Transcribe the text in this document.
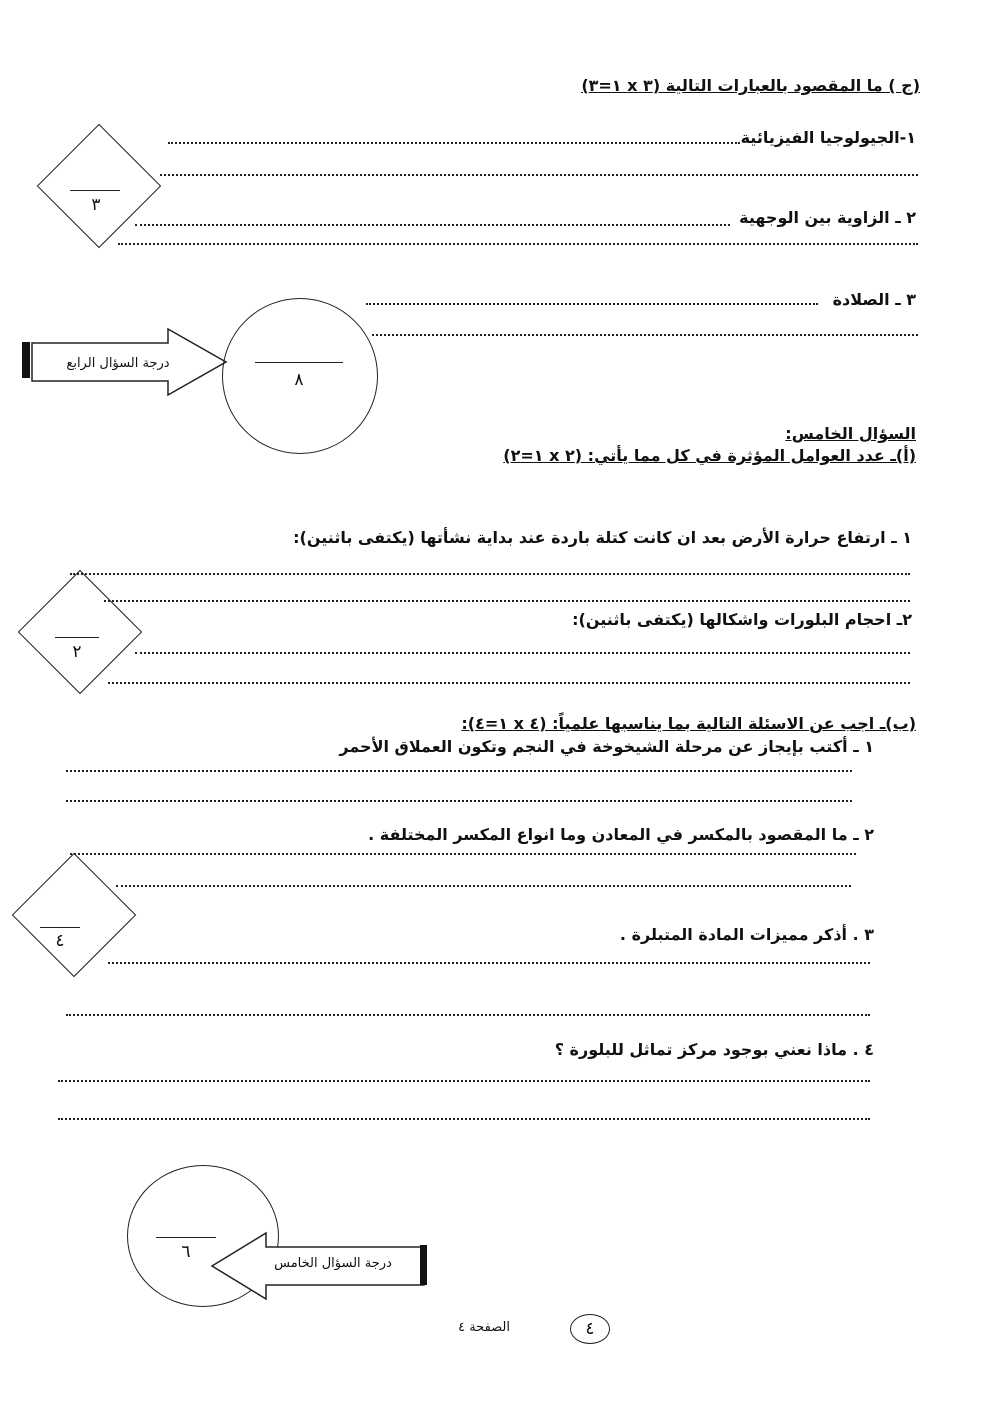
(ج ) ما المقصود بالعبارات التالية (٣ x ١=٣)
١-الجيولوجيا الفيزيائية
٢ ـ الزاوية بين الوجهية
٣
٣ ـ الصلادة
درجة السؤال الرابع
٨
السؤال الخامس:
(أ)ـ عدد العوامل المؤثرة في كل مما يأتي: (٢ x ١=٢)
١ ـ ارتفاع حرارة الأرض بعد ان كانت كتلة باردة عند بداية نشأتها (يكتفى باثنين):
٢ـ احجام البلورات واشكالها (يكتفى باثنين):
٢
(ب)ـ اجب عن الاسئلة التالية بما يناسبها علمياً: (٤ x ١=٤):
١ ـ أكتب بإيجاز عن مرحلة الشيخوخة في النجم وتكون العملاق الأحمر
٢ ـ ما المقصود بالمكسر في المعادن وما انواع المكسر المختلفة .
٤	٣ . أذكر مميزات المادة المتبلرة .
٤ . ماذا نعني بوجود مركز تماثل للبلورة ؟
٦
درجة السؤال الخامس
الصفحة ٤	٤
